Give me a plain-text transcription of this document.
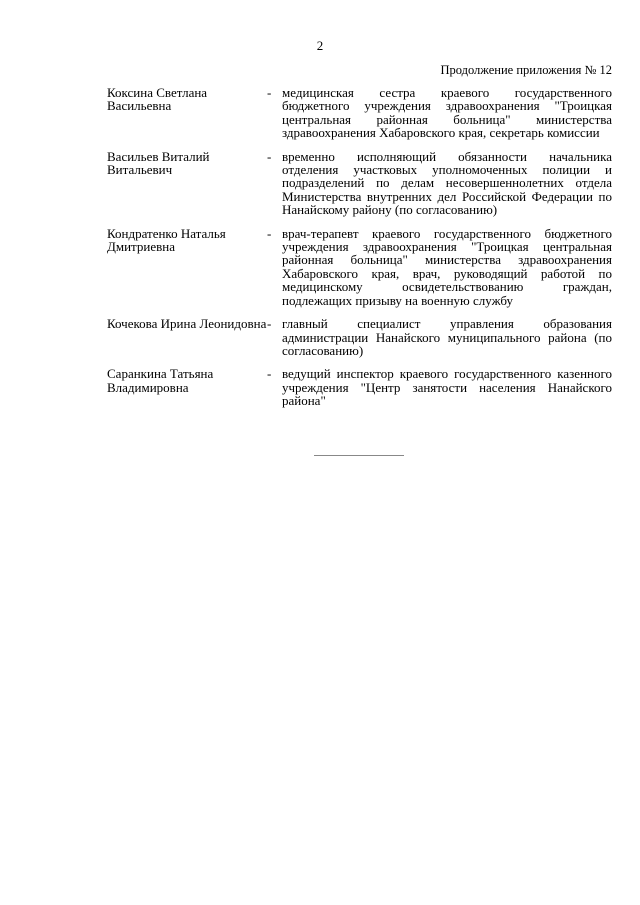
2
Продолжение приложения № 12
Коксина Светлана Васильевна
- медицинская сестра краевого государственного бюджетного учреждения здравоохранения "Троицкая центральная районная больница" министерства здравоохранения Хабаровского края, секретарь комиссии
Васильев Виталий Витальевич
- временно исполняющий обязанности начальника отделения участковых уполномоченных полиции и подразделений по делам несовершеннолетних отдела Министерства внутренних дел Российской Федерации по Нанайскому району (по согласованию)
Кондратенко Наталья Дмитриевна
- врач-терапевт краевого государственного бюджетного учреждения здравоохранения "Троицкая центральная районная больница" министерства здравоохранения Хабаровского края, врач, руководящий работой по медицинскому освидетельствованию граждан, подлежащих призыву на военную службу
Кочекова Ирина Леонидовна - главный специалист управления образования администрации Нанайского муниципального района (по согласованию)
Саранкина Татьяна Владимировна
- ведущий инспектор краевого государственного казенного учреждения "Центр занятости населения Нанайского района"
